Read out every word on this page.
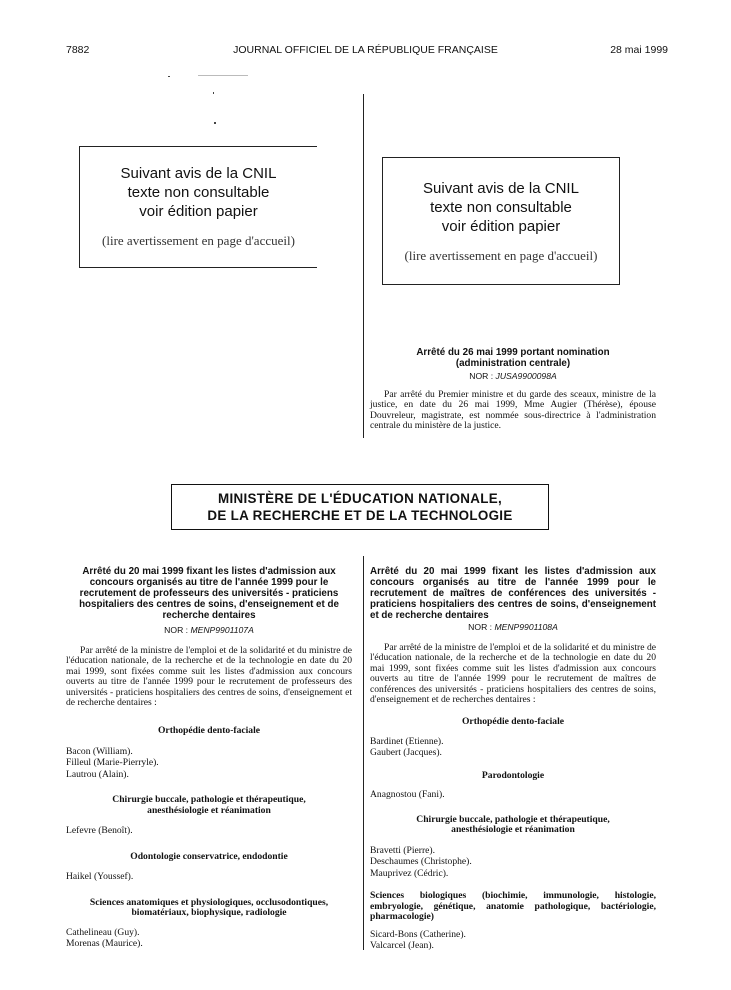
7882	JOURNAL OFFICIEL DE LA RÉPUBLIQUE FRANÇAISE	28 mai 1999
Suivant avis de la CNIL
texte non consultable
voir édition papier
(lire avertissement en page d'accueil)
Suivant avis de la CNIL
texte non consultable
voir édition papier
(lire avertissement en page d'accueil)
Arrêté du 26 mai 1999 portant nomination
(administration centrale)
NOR : JUSA9900098A
Par arrêté du Premier ministre et du garde des sceaux, ministre de la justice, en date du 26 mai 1999, Mme Augier (Thérèse), épouse Douvreleur, magistrate, est nommée sous-directrice à l'administration centrale du ministère de la justice.
MINISTÈRE DE L'ÉDUCATION NATIONALE,
DE LA RECHERCHE ET DE LA TECHNOLOGIE
Arrêté du 20 mai 1999 fixant les listes d'admission aux concours organisés au titre de l'année 1999 pour le recrutement de professeurs des universités - praticiens hospitaliers des centres de soins, d'enseignement et de recherche dentaires
NOR : MENP9901107A
Par arrêté de la ministre de l'emploi et de la solidarité et du ministre de l'éducation nationale, de la recherche et de la technologie en date du 20 mai 1999, sont fixées comme suit les listes d'admission aux concours ouverts au titre de l'année 1999 pour le recrutement de professeurs des universités - praticiens hospitaliers des centres de soins, d'enseignement et de recherche dentaires :
Orthopédie dento-faciale
Bacon (William).
Filleul (Marie-Pierryle).
Lautrou (Alain).
Chirurgie buccale, pathologie et thérapeutique, anesthésiologie et réanimation
Lefevre (Benoît).
Odontologie conservatrice, endodontie
Haikel (Youssef).
Sciences anatomiques et physiologiques, occlusodontiques, biomatériaux, biophysique, radiologie
Cathelineau (Guy).
Morenas (Maurice).
Arrêté du 20 mai 1999 fixant les listes d'admission aux concours organisés au titre de l'année 1999 pour le recrutement de maîtres de conférences des universités - praticiens hospitaliers des centres de soins, d'enseignement et de recherche dentaires
NOR : MENP9901108A
Par arrêté de la ministre de l'emploi et de la solidarité et du ministre de l'éducation nationale, de la recherche et de la technologie en date du 20 mai 1999, sont fixées comme suit les listes d'admission aux concours ouverts au titre de l'année 1999 pour le recrutement de maîtres de conférences des universités - praticiens hospitaliers des centres de soins, d'enseignement et de recherches dentaires :
Orthopédie dento-faciale
Bardinet (Etienne).
Gaubert (Jacques).
Parodontologie
Anagnostou (Fani).
Chirurgie buccale, pathologie et thérapeutique, anesthésiologie et réanimation
Bravetti (Pierre).
Deschaumes (Christophe).
Mauprivez (Cédric).
Sciences biologiques (biochimie, immunologie, histologie, embryologie, génétique, anatomie pathologique, bactériologie, pharmacologie)
Sicard-Bons (Catherine).
Valcarcel (Jean).
